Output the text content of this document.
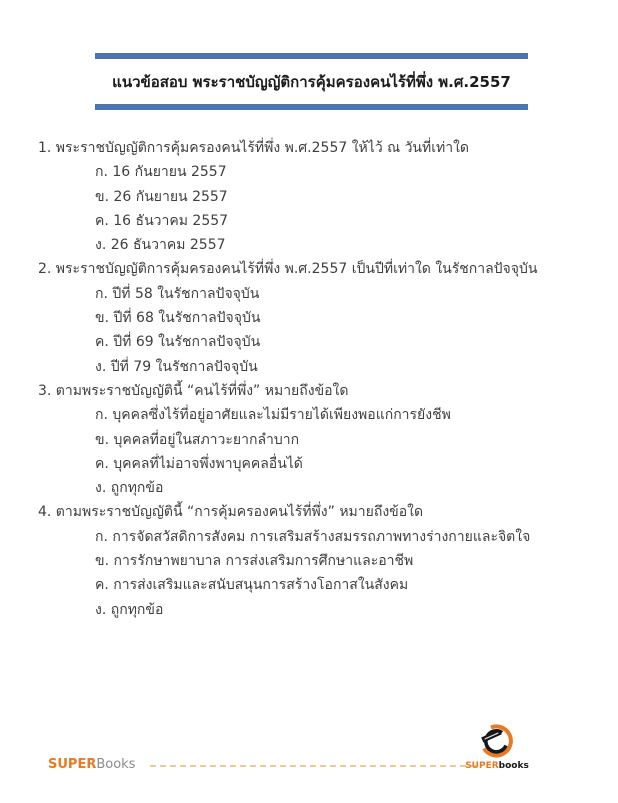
แนวข้อสอบ พระราชบัญญัติการคุ้มครองคนไร้ที่พึ่ง พ.ศ.2557
1. พระราชบัญญัติการคุ้มครองคนไร้ที่พึ่ง พ.ศ.2557 ให้ไว้ ณ วันที่เท่าใด
ก. 16 กันยายน 2557
ข. 26 กันยายน 2557
ค. 16 ธันวาคม 2557
ง. 26 ธันวาคม 2557
2. พระราชบัญญัติการคุ้มครองคนไร้ที่พึ่ง พ.ศ.2557 เป็นปีที่เท่าใด ในรัชกาลปัจจุบัน
ก. ปีที่ 58 ในรัชกาลปัจจุบัน
ข. ปีที่ 68 ในรัชกาลปัจจุบัน
ค. ปีที่ 69 ในรัชกาลปัจจุบัน
ง. ปีที่ 79 ในรัชกาลปัจจุบัน
3. ตามพระราชบัญญัตินี้ “คนไร้ที่พึ่ง” หมายถึงข้อใด
ก. บุคคลซึ่งไร้ที่อยู่อาศัยและไม่มีรายได้เพียงพอแก่การยังชีพ
ข. บุคคลที่อยู่ในสภาวะยากลำบาก
ค. บุคคลที่ไม่อาจพึ่งพาบุคคลอื่นได้
ง. ถูกทุกข้อ
4. ตามพระราชบัญญัตินี้ “การคุ้มครองคนไร้ที่พึ่ง” หมายถึงข้อใด
ก. การจัดสวัสดิการสังคม การเสริมสร้างสมรรถภาพทางร่างกายและจิตใจ
ข. การรักษาพยาบาล การส่งเสริมการศึกษาและอาชีพ
ค. การส่งเสริมและสนับสนุนการสร้างโอกาสในสังคม
ง. ถูกทุกข้อ
SUPERBooks	SUPERbooks
